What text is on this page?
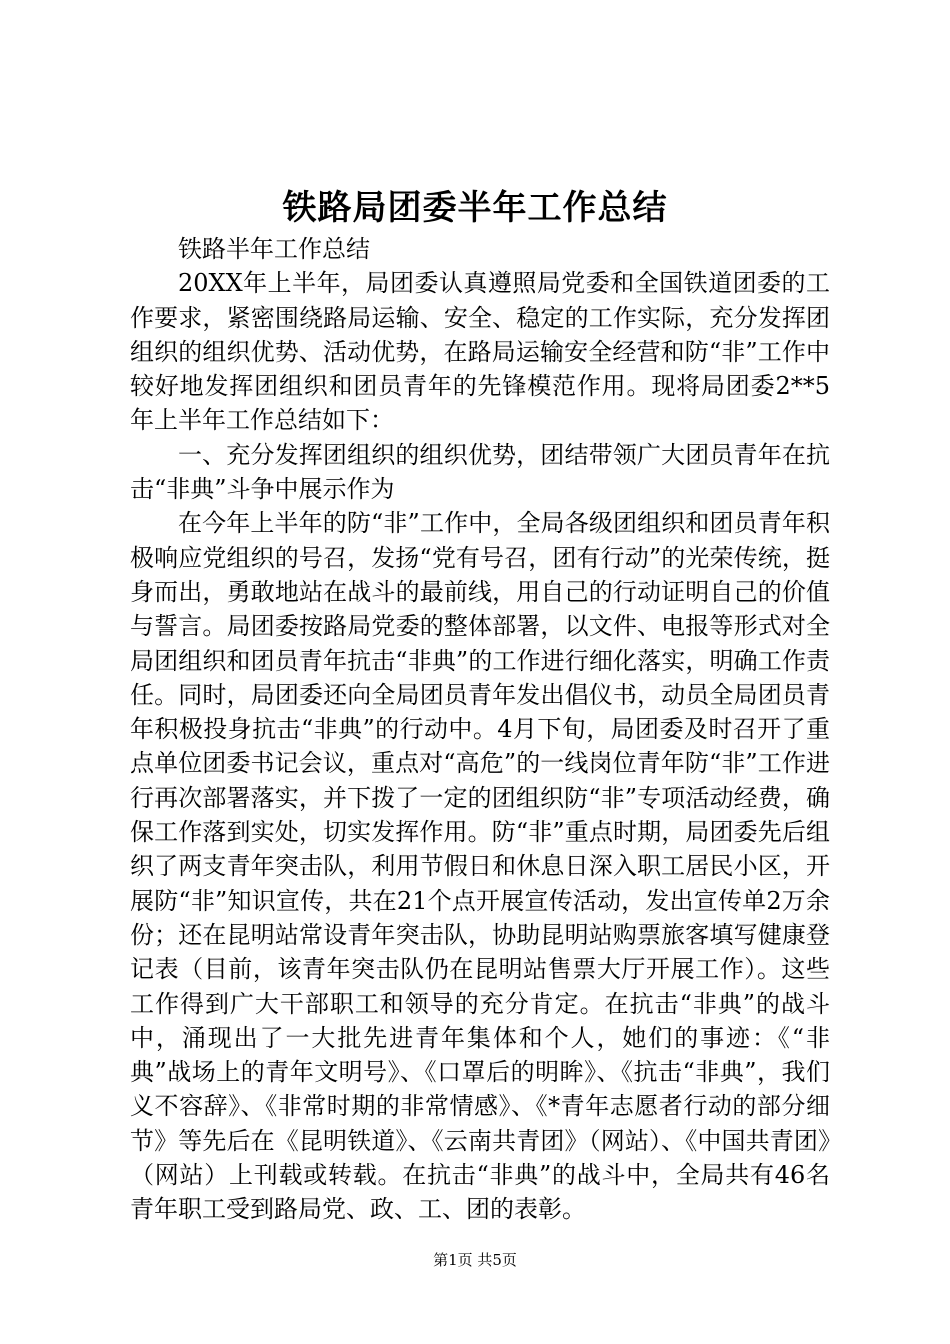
铁路局团委半年工作总结

铁路半年工作总结

20XX年上半年，局团委认真遵照局党委和全国铁道团委的工作要求，紧密围绕路局运输、安全、稳定的工作实际，充分发挥团组织的组织优势、活动优势，在路局运输安全经营和防“非”工作中较好地发挥团组织和团员青年的先锋模范作用。现将局团委2**5年上半年工作总结如下：

一、充分发挥团组织的组织优势，团结带领广大团员青年在抗击“非典”斗争中展示作为

在今年上半年的防“非”工作中，全局各级团组织和团员青年积极响应党组织的号召，发扬“党有号召，团有行动”的光荣传统，挺身而出，勇敢地站在战斗的最前线，用自己的行动证明自己的价值与誓言。局团委按路局党委的整体部署，以文件、电报等形式对全局团组织和团员青年抗击“非典”的工作进行细化落实，明确工作责任。同时，局团委还向全局团员青年发出倡仪书，动员全局团员青年积极投身抗击“非典”的行动中。4月下旬，局团委及时召开了重点单位团委书记会议，重点对“高危”的一线岗位青年防“非”工作进行再次部署落实，并下拨了一定的团组织防“非”专项活动经费，确保工作落到实处，切实发挥作用。防“非”重点时期，局团委先后组织了两支青年突击队，利用节假日和休息日深入职工居民小区，开展防“非”知识宣传，共在21个点开展宣传活动，发出宣传单2万余份；还在昆明站常设青年突击队，协助昆明站购票旅客填写健康登记表（目前，该青年突击队仍在昆明站售票大厅开展工作）。这些工作得到广大干部职工和领导的充分肯定。在抗击“非典”的战斗中，涌现出了一大批先进青年集体和个人，她们的事迹：《“非典”战场上的青年文明号》、《口罩后的明眸》、《抗击“非典”，我们义不容辞》、《非常时期的非常情感》、《*青年志愿者行动的部分细节》等先后在《昆明铁道》、《云南共青团》（网站）、《中国共青团》（网站）上刊载或转载。在抗击“非典”的战斗中，全局共有46名青年职工受到路局党、政、工、团的表彰。

第1页 共5页
